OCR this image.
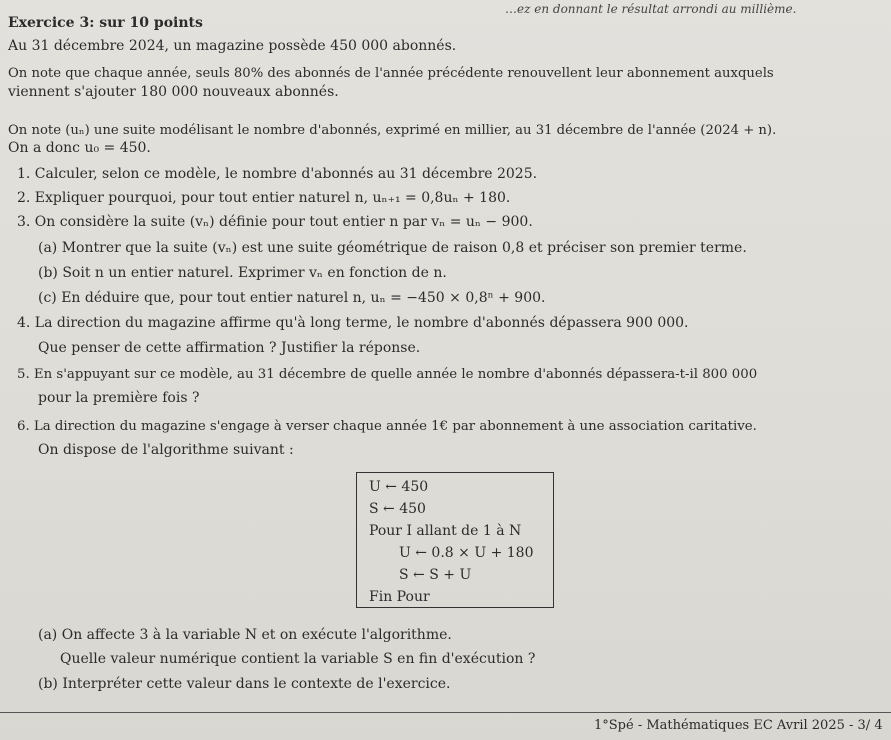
…ez en donnant le résultat arrondi au millième.
Exercice 3: sur 10 points
Au 31 décembre 2024, un magazine possède 450 000 abonnés.
On note que chaque année, seuls 80% des abonnés de l'année précédente renouvellent leur abonnement auxquels
viennent s'ajouter 180 000 nouveaux abonnés.
On note (uₙ) une suite modélisant le nombre d'abonnés, exprimé en millier, au 31 décembre de l'année (2024 + n).
On a donc u₀ = 450.
1. Calculer, selon ce modèle, le nombre d'abonnés au 31 décembre 2025.
2. Expliquer pourquoi, pour tout entier naturel n, uₙ₊₁ = 0,8uₙ + 180.
3. On considère la suite (vₙ) définie pour tout entier n par vₙ = uₙ − 900.
(a) Montrer que la suite (vₙ) est une suite géométrique de raison 0,8 et préciser son premier terme.
(b) Soit n un entier naturel. Exprimer vₙ en fonction de n.
(c) En déduire que, pour tout entier naturel n, uₙ = −450 × 0,8ⁿ + 900.
4. La direction du magazine affirme qu'à long terme, le nombre d'abonnés dépassera 900 000.
Que penser de cette affirmation ? Justifier la réponse.
5. En s'appuyant sur ce modèle, au 31 décembre de quelle année le nombre d'abonnés dépassera-t-il 800 000
pour la première fois ?
6. La direction du magazine s'engage à verser chaque année 1€ par abonnement à une association caritative.
On dispose de l'algorithme suivant :
U ← 450
S ← 450
Pour I allant de 1 à N
U ← 0.8 × U + 180
S ← S + U
Fin Pour
(a) On affecte 3 à la variable N et on exécute l'algorithme.
Quelle valeur numérique contient la variable S en fin d'exécution ?
(b) Interpréter cette valeur dans le contexte de l'exercice.
1°Spé - Mathématiques EC Avril 2025 - 3/ 4
